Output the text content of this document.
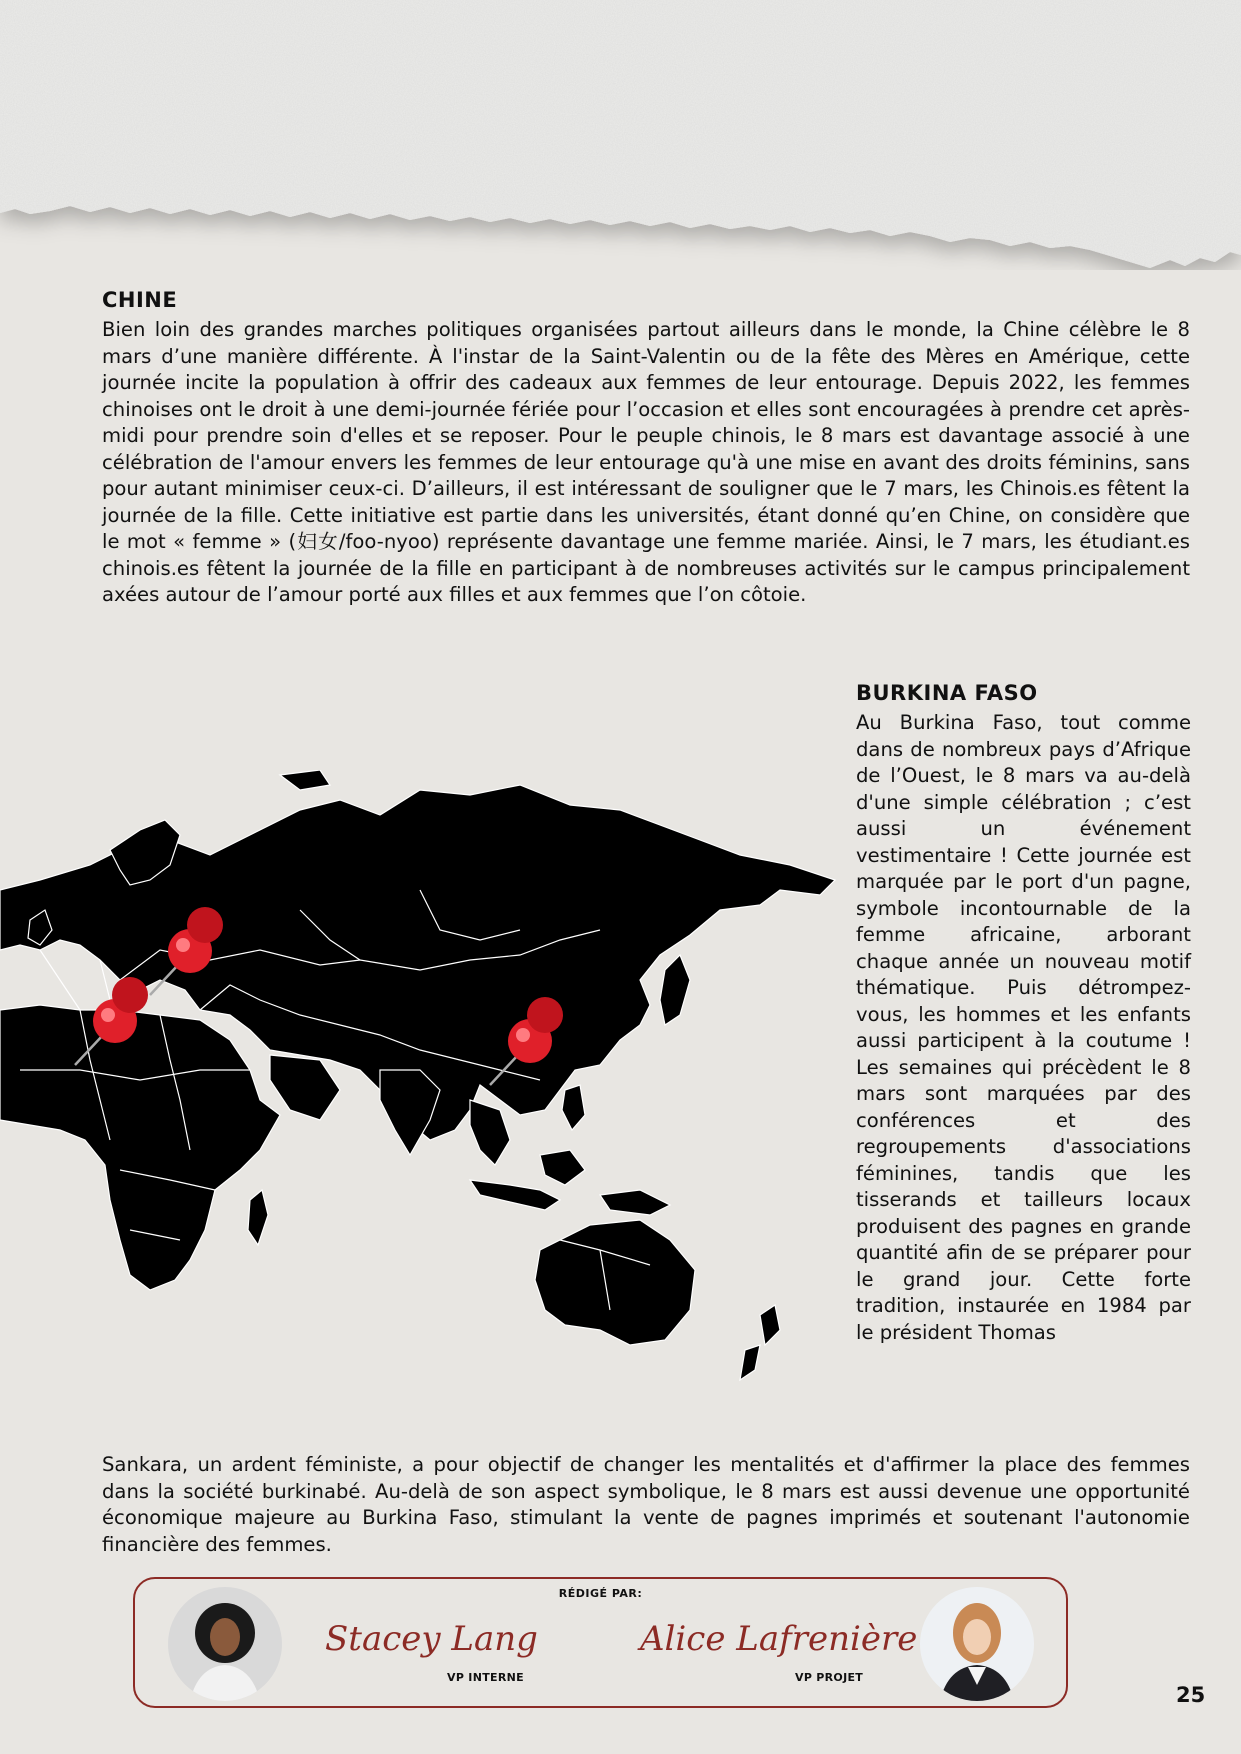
CHINE

Bien loin des grandes marches politiques organisées partout ailleurs dans le monde, la Chine célèbre le 8 mars d’une manière différente. À l'instar de la Saint-Valentin ou de la fête des Mères en Amérique, cette journée incite la population à offrir des cadeaux aux femmes de leur entourage. Depuis 2022, les femmes chinoises ont le droit à une demi-journée fériée pour l’occasion et elles sont encouragées à prendre cet après-midi pour prendre soin d'elles et se reposer. Pour le peuple chinois, le 8 mars est davantage associé à une célébration de l'amour envers les femmes de leur entourage qu'à une mise en avant des droits féminins, sans pour autant minimiser ceux-ci. D’ailleurs, il est intéressant de souligner que le 7 mars, les Chinois.es fêtent la journée de la fille. Cette initiative est partie dans les universités, étant donné qu’en Chine, on considère que le mot « femme » (妇女/foo-nyoo) représente davantage une femme mariée. Ainsi, le 7 mars, les étudiant.es chinois.es fêtent la journée de la fille en participant à de nombreuses activités sur le campus principalement axées autour de l’amour porté aux filles et aux femmes que l’on côtoie.

BURKINA FASO

Au Burkina Faso, tout comme dans de nombreux pays d’Afrique de l’Ouest, le 8 mars va au-delà d'une simple célébration ; c’est aussi un événement vestimentaire ! Cette journée est marquée par le port d'un pagne, symbole incontournable de la femme africaine, arborant chaque année un nouveau motif thématique. Puis détrompez-vous, les hommes et les enfants aussi participent à la coutume ! Les semaines qui précèdent le 8 mars sont marquées par des conférences et des regroupements d'associations féminines, tandis que les tisserands et tailleurs locaux produisent des pagnes en grande quantité afin de se préparer pour le grand jour. Cette forte tradition, instaurée en 1984 par le président Thomas

Sankara, un ardent féministe, a pour objectif de changer les mentalités et d'affirmer la place des femmes dans la société burkinabé. Au-delà de son aspect symbolique, le 8 mars est aussi devenue une opportunité économique majeure au Burkina Faso, stimulant la vente de pagnes imprimés et soutenant l'autonomie financière des femmes.

RÉDIGÉ PAR:
Stacey Lang
VP INTERNE
Alice Lafrenière
VP PROJET
25
